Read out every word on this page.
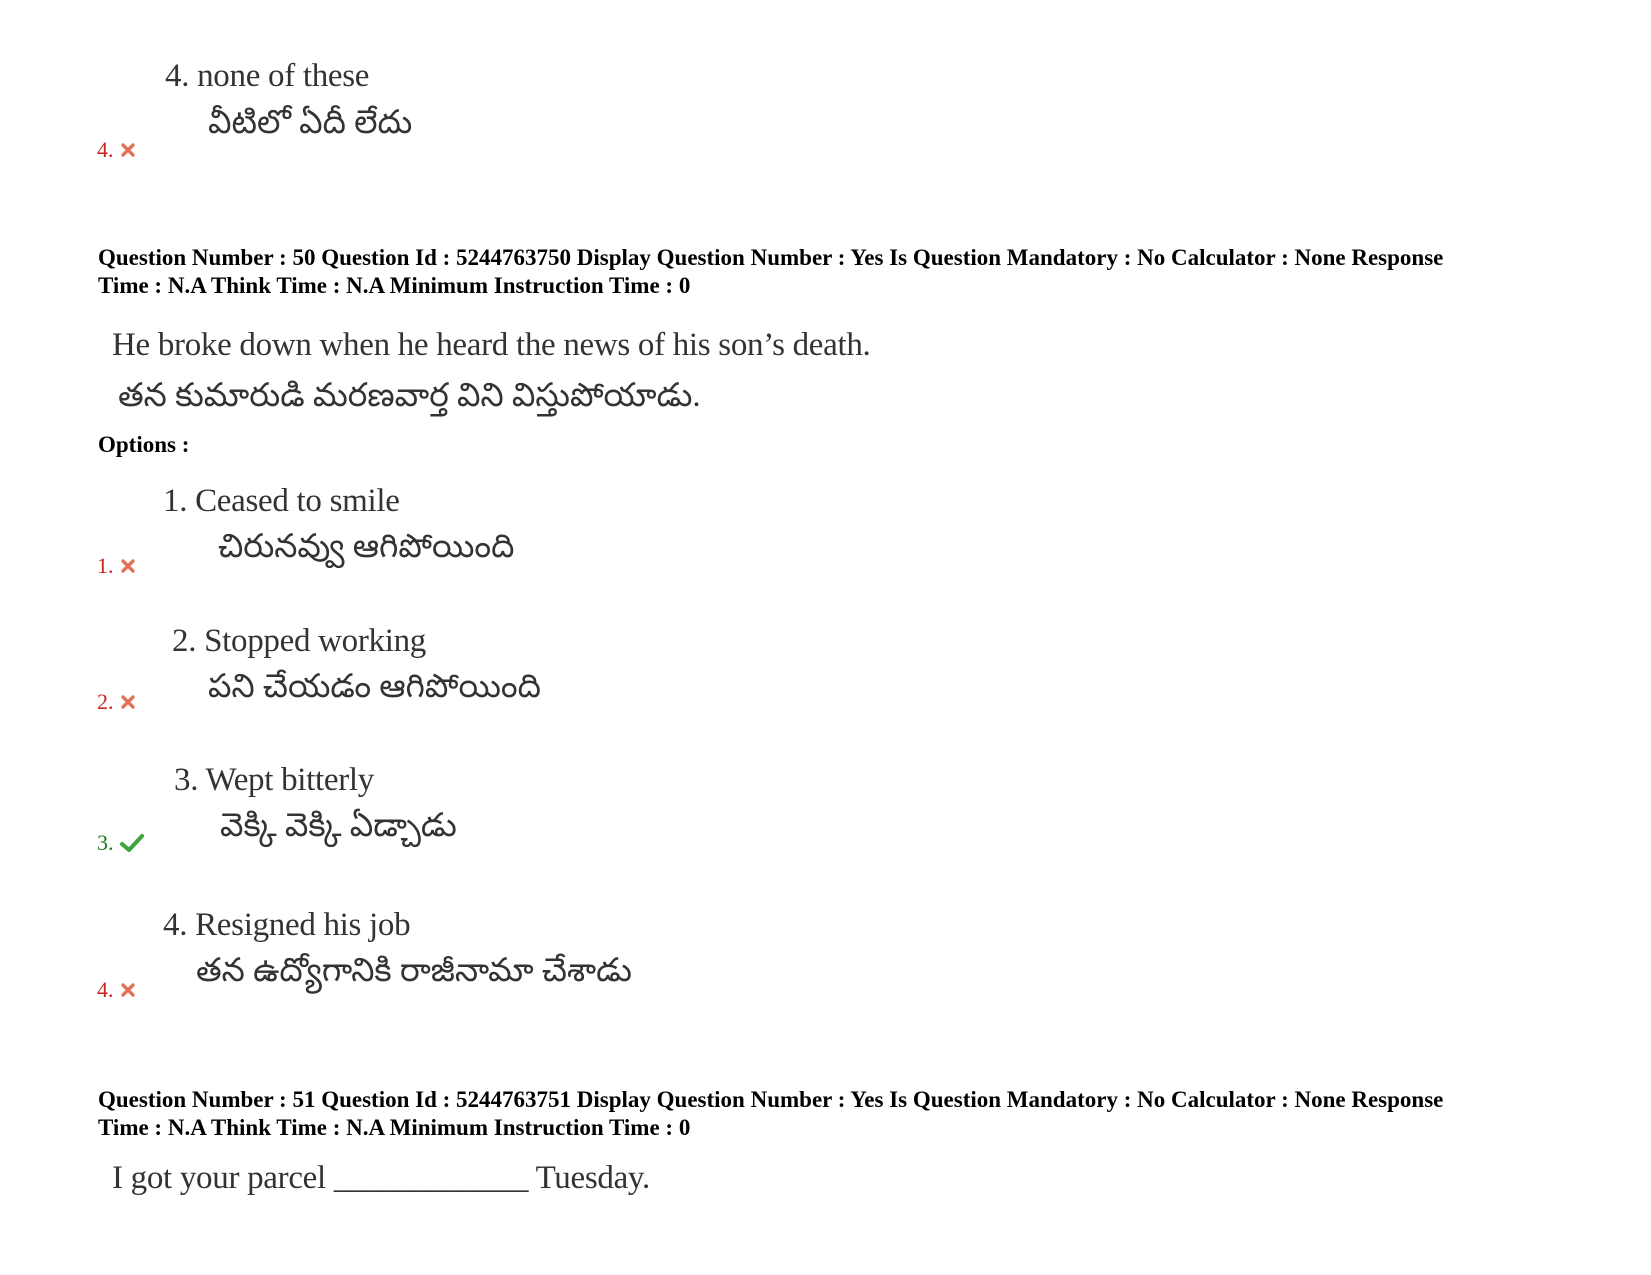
4. none of these
వీటిలో ఏదీ లేదు
4.
Question Number : 50 Question Id : 5244763750 Display Question Number : Yes Is Question Mandatory : No Calculator : None Response
Time : N.A Think Time : N.A Minimum Instruction Time : 0
He broke down when he heard the news of his son’s death.
తన కుమారుడి మరణవార్త విని విస్తుపోయాడు.
Options :
1. Ceased to smile
చిరునవ్వు ఆగిపోయింది
1.
2. Stopped working
పని చేయడం ఆగిపోయింది
2.
3. Wept bitterly
వెక్కి వెక్కి ఏడ్చాడు
3.
4. Resigned his job
తన ఉద్యోగానికి రాజీనామా చేశాడు
4.
Question Number : 51 Question Id : 5244763751 Display Question Number : Yes Is Question Mandatory : No Calculator : None Response
Time : N.A Think Time : N.A Minimum Instruction Time : 0
I got your parcel ____________ Tuesday.
